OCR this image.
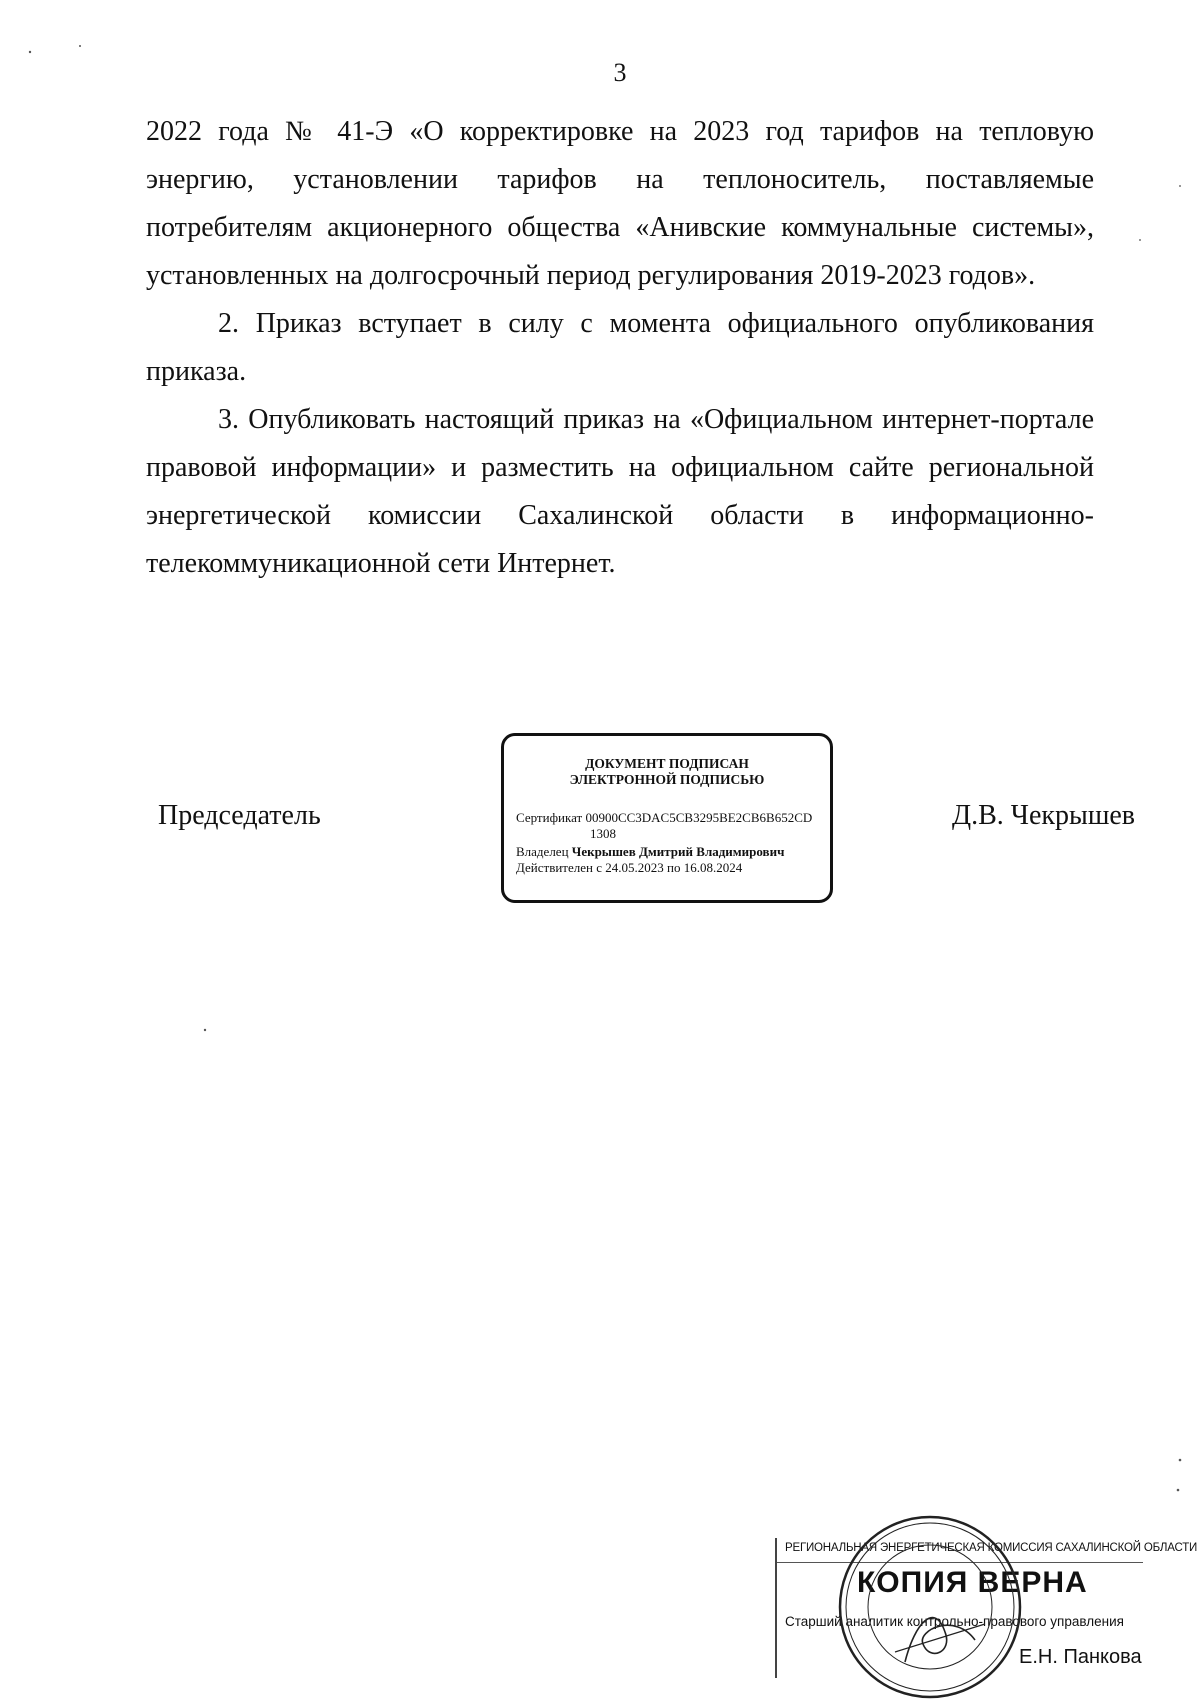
3

2022 года № 41-Э «О корректировке на 2023 год тарифов на тепловую энергию, установлении тарифов на теплоноситель, поставляемые потребителям акционерного общества «Анивские коммунальные системы», установленных на долгосрочный период регулирования 2019-2023 годов».

2. Приказ вступает в силу с момента официального опубликования приказа.

3. Опубликовать настоящий приказ на «Официальном интернет-портале правовой информации» и разместить на официальном сайте региональной энергетической комиссии Сахалинской области в информационно-телекоммуникационной сети Интернет.

Председатель	Д.В. Чекрышев
ДОКУМЕНТ ПОДПИСАН
ЭЛЕКТРОННОЙ ПОДПИСЬЮ
Сертификат 00900CC3DAC5CB3295BE2CB6B652CD
1308
Владелец Чекрышев Дмитрий Владимирович
Действителен с 24.05.2023 по 16.08.2024
РЕГИОНАЛЬНАЯ ЭНЕРГЕТИЧЕСКАЯ КОМИССИЯ САХАЛИНСКОЙ ОБЛАСТИ
КОПИЯ ВЕРНА
Старший аналитик контрольно-правового управления
Е.Н. Панкова
